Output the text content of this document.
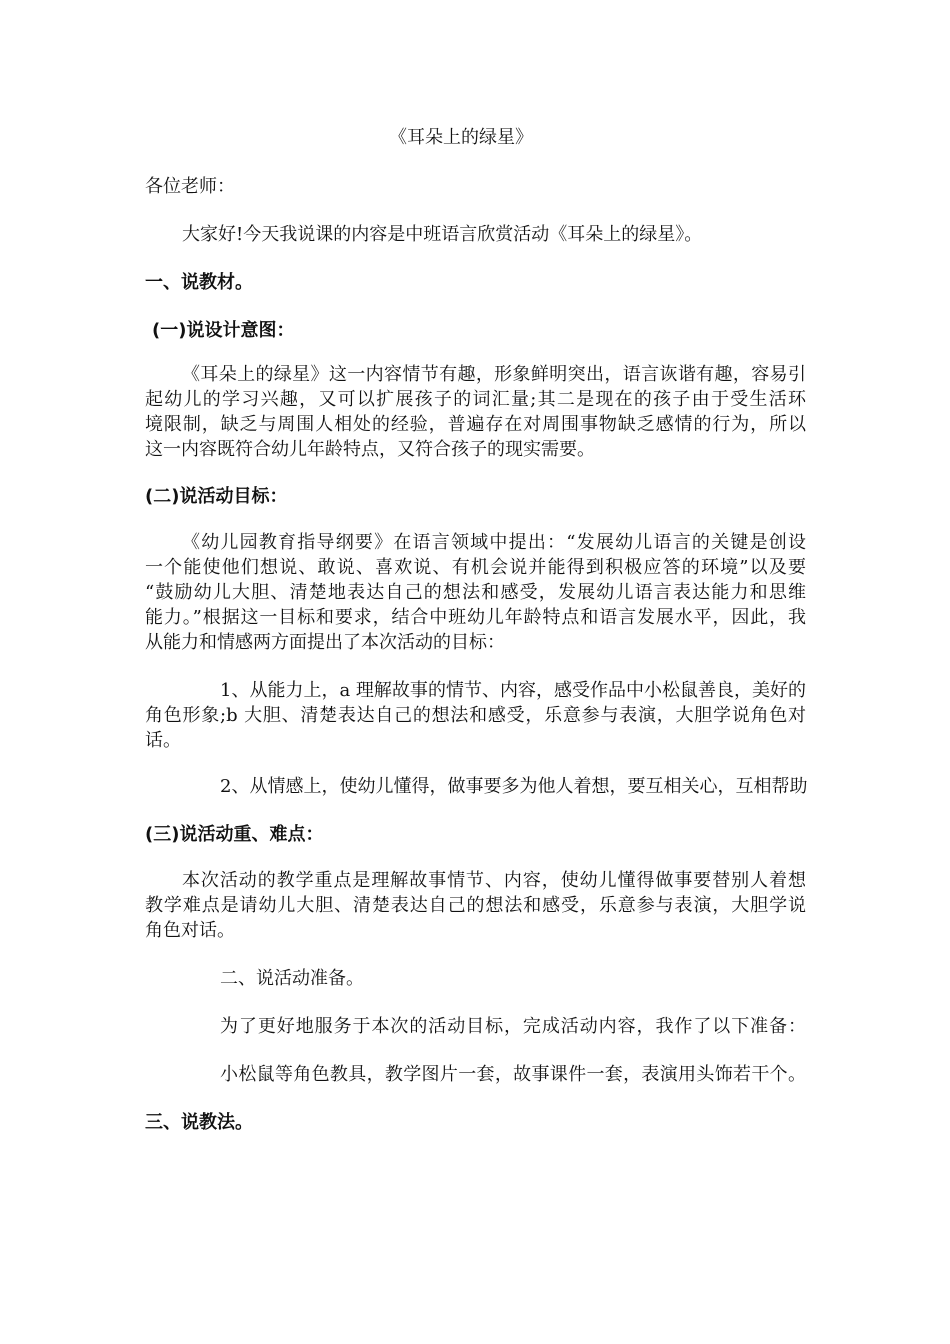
《耳朵上的绿星》
各位老师：
大家好!今天我说课的内容是中班语言欣赏活动《耳朵上的绿星》。
一、说教材。
(一)说设计意图：
《耳朵上的绿星》这一内容情节有趣，形象鲜明突出，语言诙谐有趣，容易引
起幼儿的学习兴趣，又可以扩展孩子的词汇量;其二是现在的孩子由于受生活环
境限制，缺乏与周围人相处的经验，普遍存在对周围事物缺乏感情的行为，所以
这一内容既符合幼儿年龄特点，又符合孩子的现实需要。
(二)说活动目标：
《幼儿园教育指导纲要》在语言领域中提出：“发展幼儿语言的关键是创设
一个能使他们想说、敢说、喜欢说、有机会说并能得到积极应答的环境”以及要
“鼓励幼儿大胆、清楚地表达自己的想法和感受，发展幼儿语言表达能力和思维
能力。”根据这一目标和要求，结合中班幼儿年龄特点和语言发展水平，因此，我
从能力和情感两方面提出了本次活动的目标：
1、从能力上，a 理解故事的情节、内容，感受作品中小松鼠善良，美好的
角色形象;b 大胆、清楚表达自己的想法和感受，乐意参与表演，大胆学说角色对
话。
2、从情感上，使幼儿懂得，做事要多为他人着想，要互相关心，互相帮助
(三)说活动重、难点：
本次活动的教学重点是理解故事情节、内容，使幼儿懂得做事要替别人着想
教学难点是请幼儿大胆、清楚表达自己的想法和感受，乐意参与表演，大胆学说
角色对话。
二、说活动准备。
为了更好地服务于本次的活动目标，完成活动内容，我作了以下准备：
小松鼠等角色教具，教学图片一套，故事课件一套，表演用头饰若干个。
三、说教法。
